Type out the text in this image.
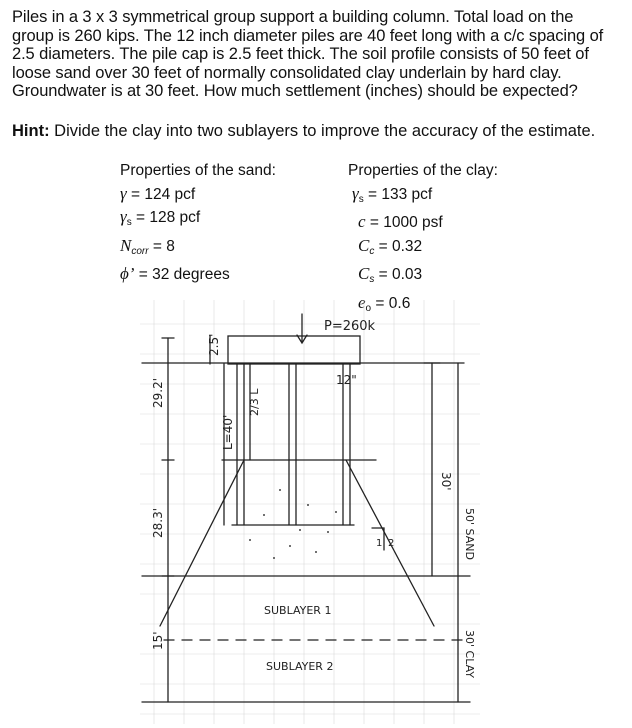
Piles in a 3 x 3 symmetrical group support a building column. Total load on the
group is 260 kips. The 12 inch diameter piles are 40 feet long with a c/c spacing of
2.5 diameters. The pile cap is 2.5 feet thick. The soil profile consists of 50 feet of
loose sand over 30 feet of normally consolidated clay underlain by hard clay.
Groundwater is at 30 feet. How much settlement (inches) should be expected?
Hint: Divide the clay into two sublayers to improve the accuracy of the estimate.
Properties of the sand:
γ = 124 pcf
$\gamma_s = 128$ pcf
$N_{corr} = 8$
ϕ’ = 32 degrees
Properties of the clay:
$\gamma_s = 133$ pcf
c = 1000 psf
$C_c = 0.32$
$C_s = 0.03$
$e_o = 0.6$
P=260k
2.5'
L=40'
2/3 L
12"
29.2'
28.3'
15'
30'
50' SAND
30' CLAY
1 2
SUBLAYER 1
SUBLAYER 2
